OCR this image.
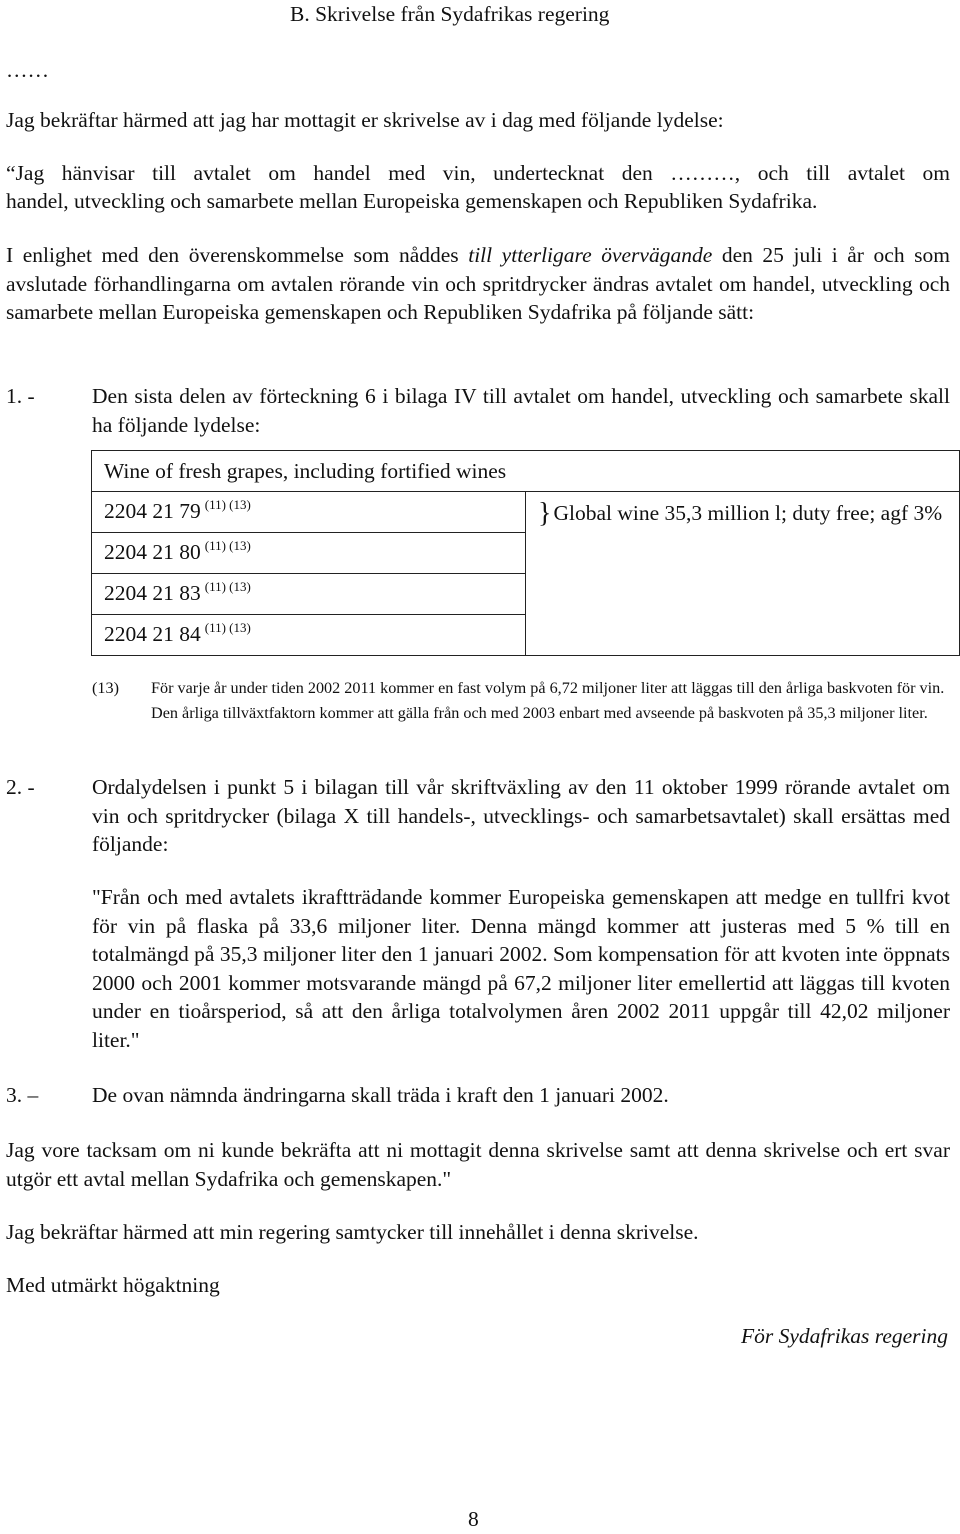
B. Skrivelse från Sydafrikas regering
……
Jag bekräftar härmed att jag har mottagit er skrivelse av i dag med följande lydelse:
“Jag hänvisar till avtalet om handel med vin, undertecknat den ………, och till avtalet om
handel, utveckling och samarbete mellan Europeiska gemenskapen och Republiken Sydafrika.
I enlighet med den överenskommelse som nåddes till ytterligare övervägande den 25 juli i år och som avslutade förhandlingarna om avtalen rörande vin och spritdrycker ändras avtalet om handel, utveckling och samarbete mellan Europeiska gemenskapen och Republiken Sydafrika på följande sätt:
1. -	Den sista delen av förteckning 6 i bilaga IV till avtalet om handel, utveckling och samarbete skall ha följande lydelse:
Wine of fresh grapes, including fortified wines	
2204 21 79 $^{(11) (13)}$	}Global wine 35,3 million l; duty free; agf 3%
2204 21 80 $^{(11) (13)}$	
2204 21 83 $^{(11) (13)}$	
2204 21 84 $^{(11) (13)}$	
(13) För varje år under tiden 2002 2011 kommer en fast volym på 6,72 miljoner liter att läggas till den årliga baskvoten för vin. Den årliga tillväxtfaktorn kommer att gälla från och med 2003 enbart med avseende på baskvoten på 35,3 miljoner liter.
2. -	Ordalydelsen i punkt 5 i bilagan till vår skriftväxling av den 11 oktober 1999 rörande avtalet om vin och spritdrycker (bilaga X till handels-, utvecklings- och samarbetsavtalet) skall ersättas med följande:
"Från och med avtalets ikraftträdande kommer Europeiska gemenskapen att medge en tullfri kvot för vin på flaska på 33,6 miljoner liter. Denna mängd kommer att justeras med 5 % till en totalmängd på 35,3 miljoner liter den 1 januari 2002. Som kompensation för att kvoten inte öppnats 2000 och 2001 kommer motsvarande mängd på 67,2 miljoner liter emellertid att läggas till kvoten under en tioårsperiod, så att den årliga totalvolymen åren 2002 2011 uppgår till 42,02 miljoner liter."
3. –	De ovan nämnda ändringarna skall träda i kraft den 1 januari 2002.
Jag vore tacksam om ni kunde bekräfta att ni mottagit denna skrivelse samt att denna skrivelse och ert svar utgör ett avtal mellan Sydafrika och gemenskapen."
Jag bekräftar härmed att min regering samtycker till innehållet i denna skrivelse.
Med utmärkt högaktning
För Sydafrikas regering
8
